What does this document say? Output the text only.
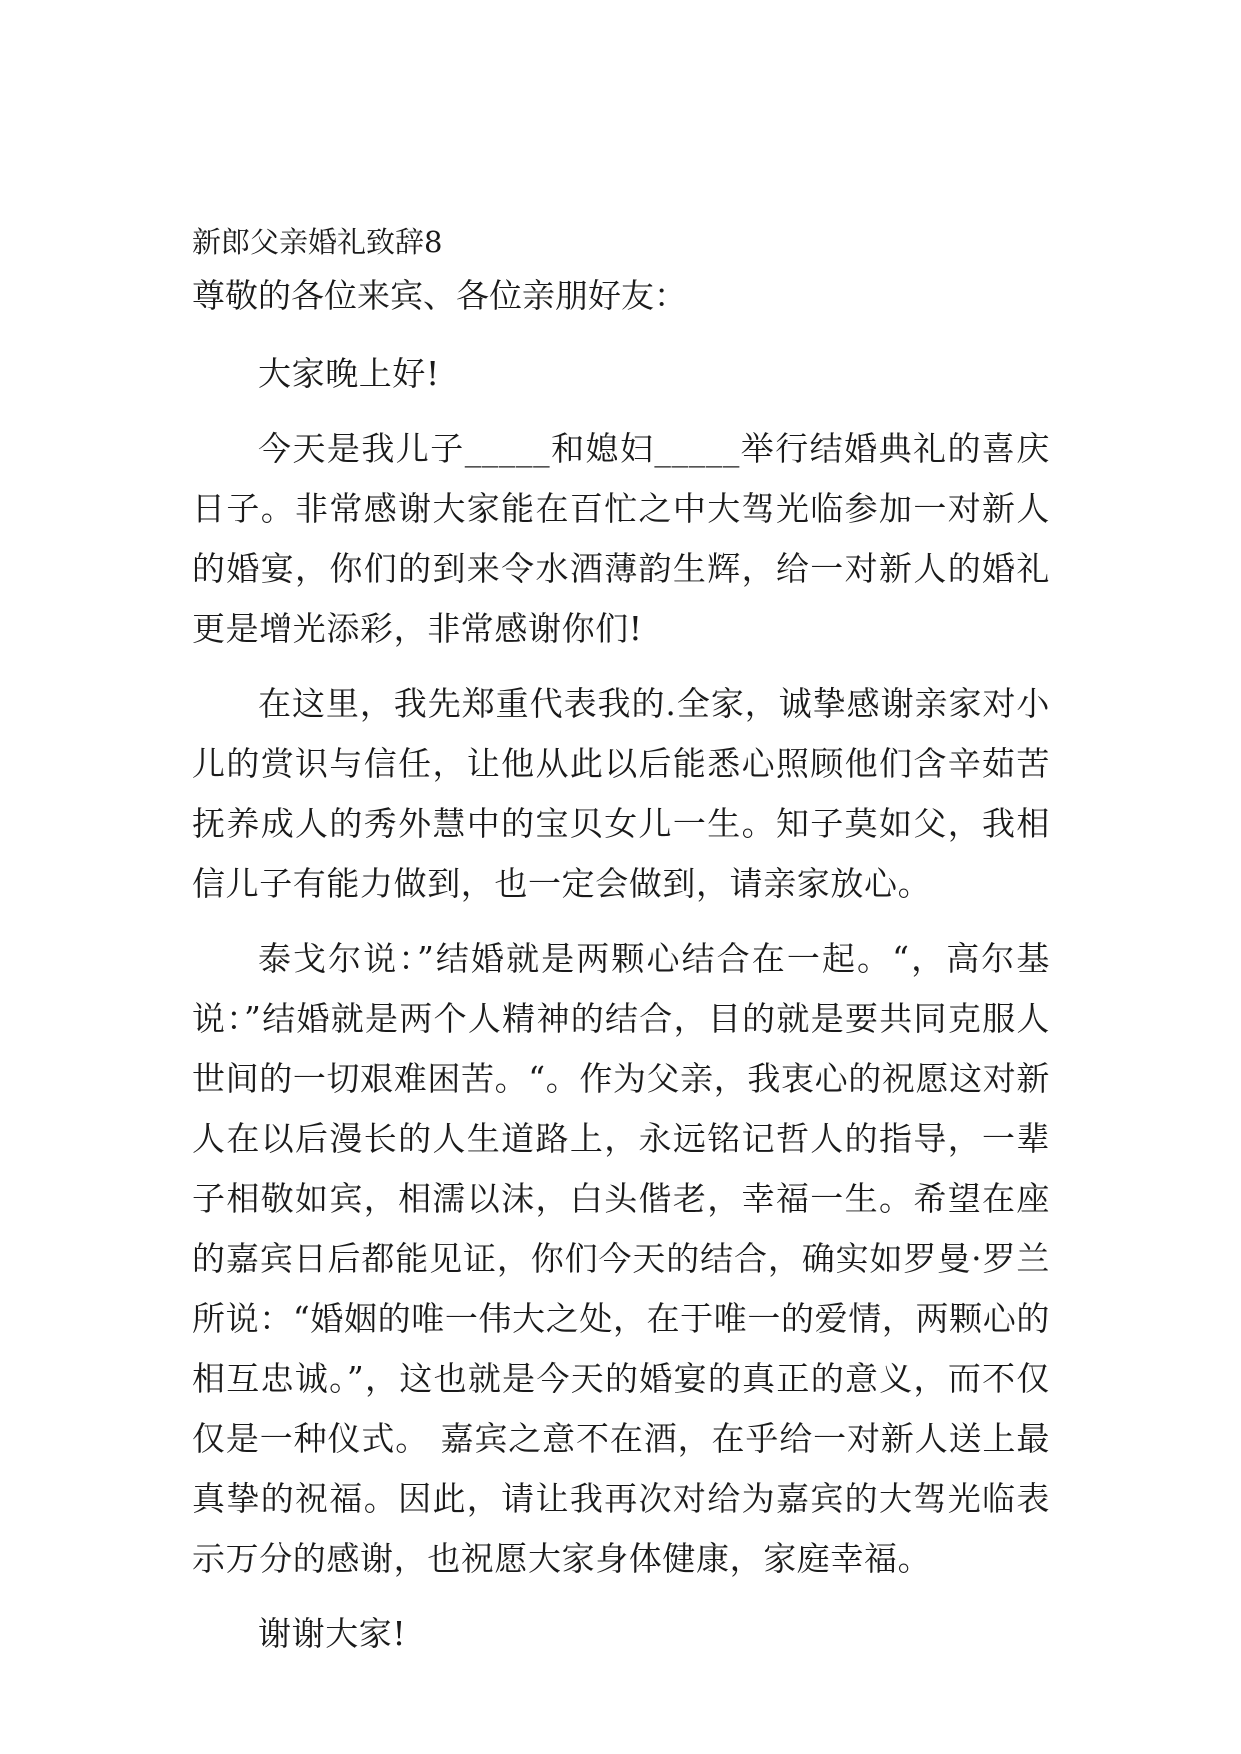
新郎父亲婚礼致辞8

尊敬的各位来宾、各位亲朋好友：

大家晚上好!

今天是我儿子_____和媳妇_____举行结婚典礼的喜庆日子。非常感谢大家能在百忙之中大驾光临参加一对新人的婚宴，你们的到来令水酒薄韵生辉，给一对新人的婚礼更是增光添彩，非常感谢你们!

在这里，我先郑重代表我的.全家，诚挚感谢亲家对小儿的赏识与信任，让他从此以后能悉心照顾他们含辛茹苦抚养成人的秀外慧中的宝贝女儿一生。知子莫如父，我相信儿子有能力做到，也一定会做到，请亲家放心。

泰戈尔说：”结婚就是两颗心结合在一起。“，高尔基说：”结婚就是两个人精神的结合，目的就是要共同克服人世间的一切艰难困苦。“。作为父亲，我衷心的祝愿这对新人在以后漫长的人生道路上，永远铭记哲人的指导，一辈子相敬如宾，相濡以沫，白头偕老，幸福一生。希望在座的嘉宾日后都能见证，你们今天的结合，确实如罗曼·罗兰所说：“婚姻的唯一伟大之处，在于唯一的爱情，两颗心的相互忠诚。”，这也就是今天的婚宴的真正的意义，而不仅仅是一种仪式。 嘉宾之意不在酒，在乎给一对新人送上最真挚的祝福。因此，请让我再次对给为嘉宾的大驾光临表示万分的感谢，也祝愿大家身体健康，家庭幸福。

谢谢大家!
